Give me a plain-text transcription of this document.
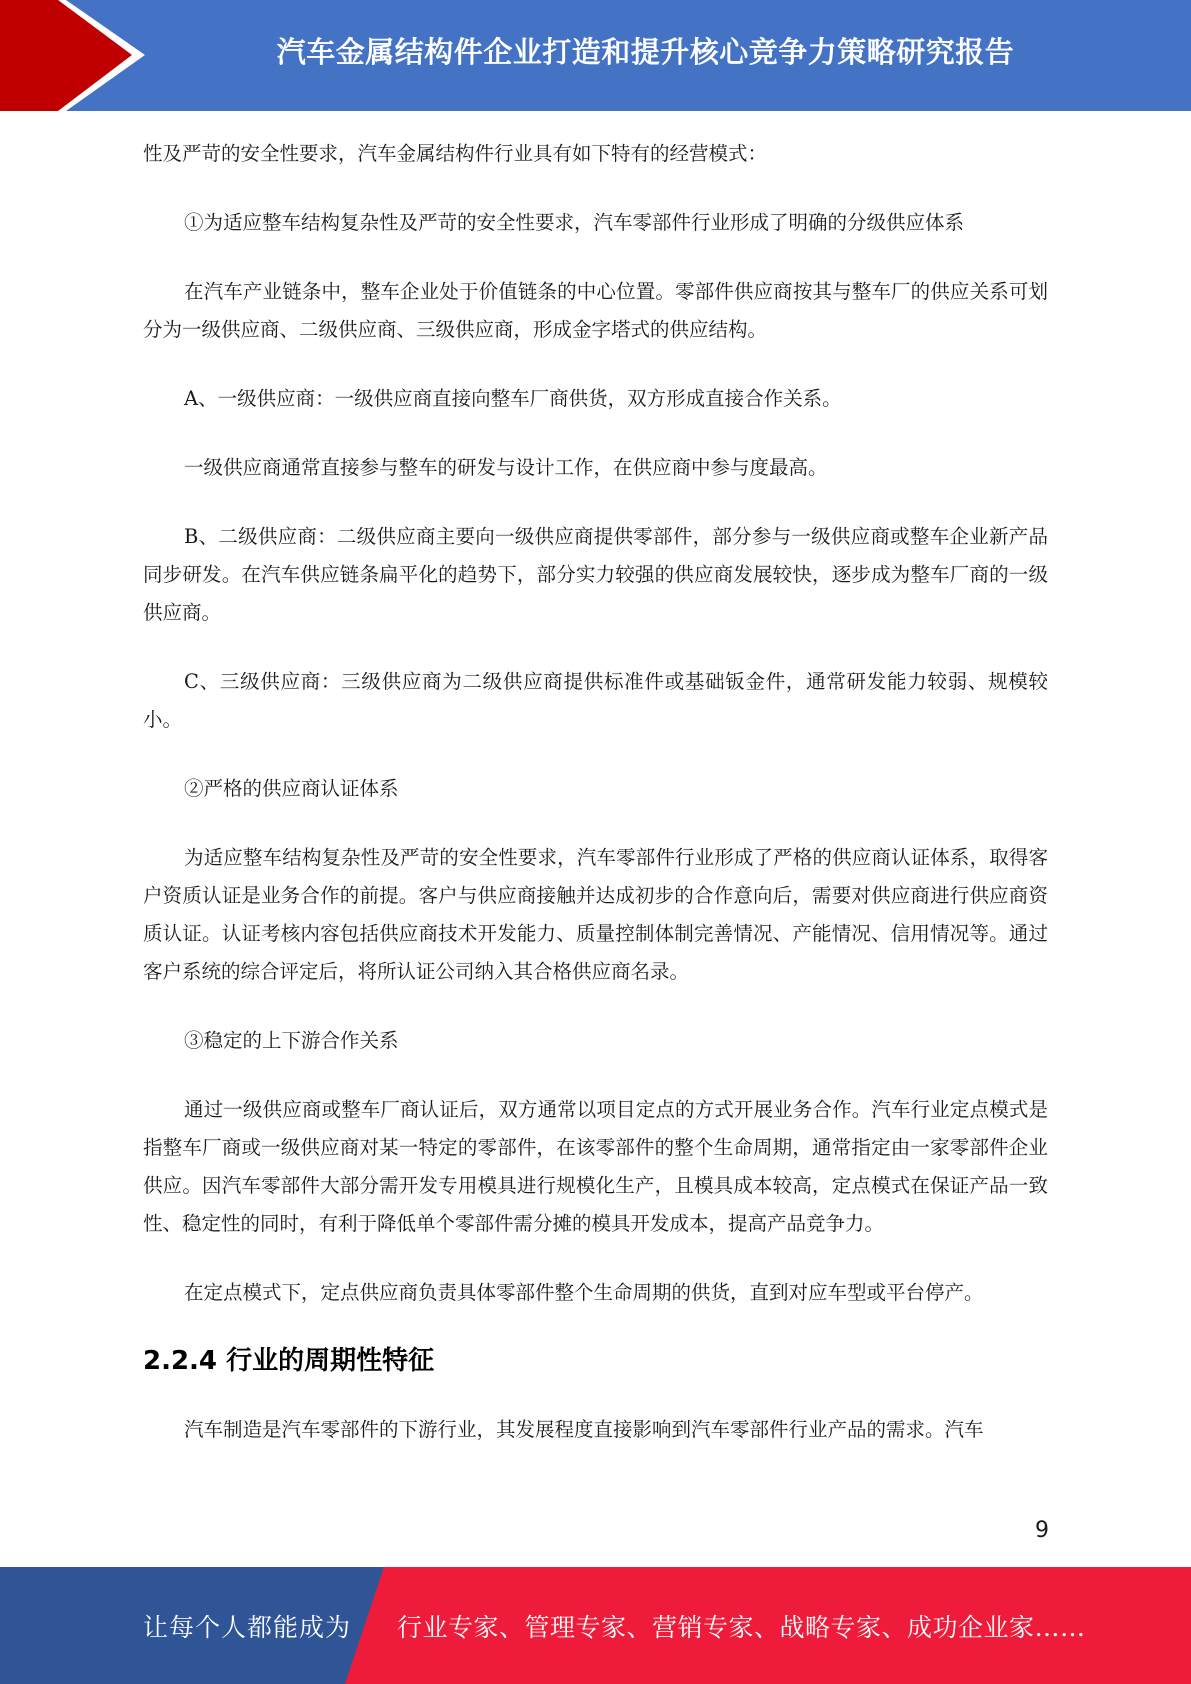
汽车金属结构件企业打造和提升核心竞争力策略研究报告

性及严苛的安全性要求，汽车金属结构件行业具有如下特有的经营模式：

①为适应整车结构复杂性及严苛的安全性要求，汽车零部件行业形成了明确的分级供应体系

在汽车产业链条中，整车企业处于价值链条的中心位置。零部件供应商按其与整车厂的供应关系可划分为一级供应商、二级供应商、三级供应商，形成金字塔式的供应结构。

A、一级供应商：一级供应商直接向整车厂商供货，双方形成直接合作关系。

一级供应商通常直接参与整车的研发与设计工作，在供应商中参与度最高。

B、二级供应商：二级供应商主要向一级供应商提供零部件，部分参与一级供应商或整车企业新产品同步研发。在汽车供应链条扁平化的趋势下，部分实力较强的供应商发展较快，逐步成为整车厂商的一级供应商。

C、三级供应商：三级供应商为二级供应商提供标准件或基础钣金件，通常研发能力较弱、规模较小。

②严格的供应商认证体系

为适应整车结构复杂性及严苛的安全性要求，汽车零部件行业形成了严格的供应商认证体系，取得客户资质认证是业务合作的前提。客户与供应商接触并达成初步的合作意向后，需要对供应商进行供应商资质认证。认证考核内容包括供应商技术开发能力、质量控制体制完善情况、产能情况、信用情况等。通过客户系统的综合评定后，将所认证公司纳入其合格供应商名录。

③稳定的上下游合作关系

通过一级供应商或整车厂商认证后，双方通常以项目定点的方式开展业务合作。汽车行业定点模式是指整车厂商或一级供应商对某一特定的零部件，在该零部件的整个生命周期，通常指定由一家零部件企业供应。因汽车零部件大部分需开发专用模具进行规模化生产，且模具成本较高，定点模式在保证产品一致性、稳定性的同时，有利于降低单个零部件需分摊的模具开发成本，提高产品竞争力。

在定点模式下，定点供应商负责具体零部件整个生命周期的供货，直到对应车型或平台停产。

2.2.4 行业的周期性特征

汽车制造是汽车零部件的下游行业，其发展程度直接影响到汽车零部件行业产品的需求。汽车

9
让每个人都能成为 行业专家、管理专家、营销专家、战略专家、成功企业家……
